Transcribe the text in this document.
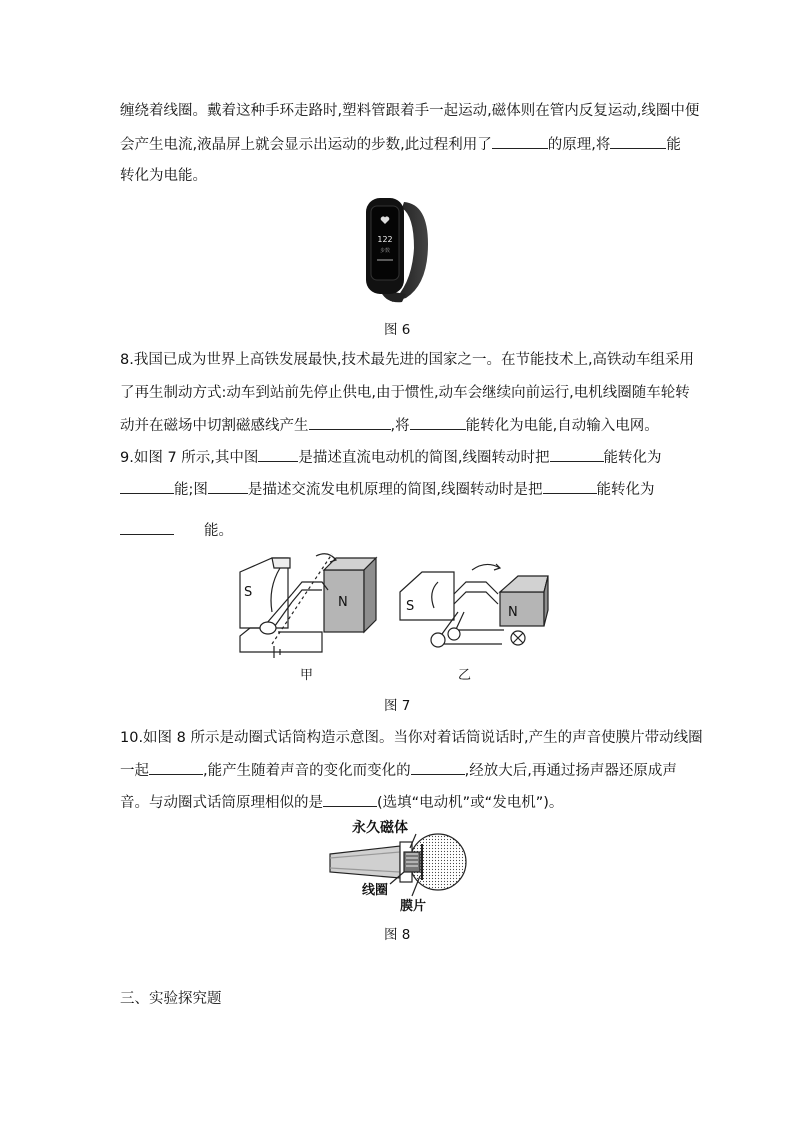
缠绕着线圈。戴着这种手环走路时,塑料管跟着手一起运动,磁体则在管内反复运动,线圈中便
会产生电流,液晶屏上就会显示出运动的步数,此过程利用了	的原理,将	能
转化为电能。
122
步数
图 6
8.我国已成为世界上高铁发展最快,技术最先进的国家之一。在节能技术上,高铁动车组采用
了再生制动方式:动车到站前先停止供电,由于惯性,动车会继续向前运行,电机线圈随车轮转
动并在磁场中切割磁感线产生	,将	能转化为电能,自动输入电网。
9.如图 7 所示,其中图	是描述直流电动机的简图,线圈转动时把	能转化为
能;图	是描述交流发电机原理的简图,线圈转动时是把	能转化为
能。
S
N
甲
S	N
乙
图 7
10.如图 8 所示是动圈式话筒构造示意图。当你对着话筒说话时,产生的声音使膜片带动线圈
一起	,能产生随着声音的变化而变化的	,经放大后,再通过扬声器还原成声
音。与动圈式话筒原理相似的是	(选填“电动机”或“发电机”)。
永久磁体
线圈
膜片
图 8
三、实验探究题
